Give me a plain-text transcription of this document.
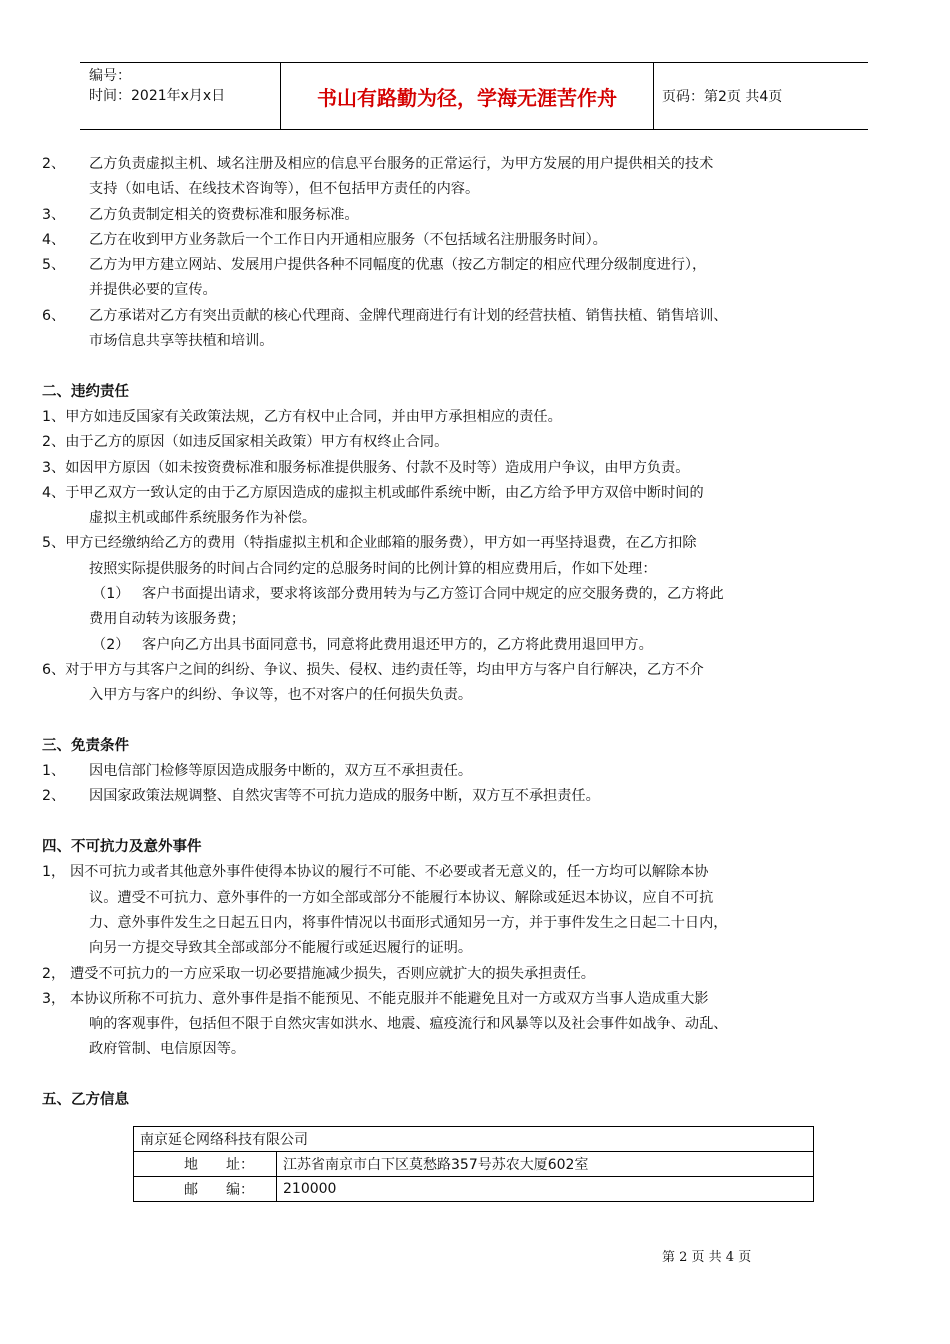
编号：
时间：2021年x月x日	书山有路勤为径，学海无涯苦作舟	页码：第2页 共4页
2、 乙方负责虚拟主机、域名注册及相应的信息平台服务的正常运行，为甲方发展的用户提供相关的技术
支持（如电话、在线技术咨询等），但不包括甲方责任的内容。
3、 乙方负责制定相关的资费标准和服务标准。
4、 乙方在收到甲方业务款后一个工作日内开通相应服务（不包括域名注册服务时间）。
5、 乙方为甲方建立网站、发展用户提供各种不同幅度的优惠（按乙方制定的相应代理分级制度进行），
并提供必要的宣传。
6、 乙方承诺对乙方有突出贡献的核心代理商、金牌代理商进行有计划的经营扶植、销售扶植、销售培训、
市场信息共享等扶植和培训。
二、违约责任
1、甲方如违反国家有关政策法规，乙方有权中止合同，并由甲方承担相应的责任。
2、由于乙方的原因（如违反国家相关政策）甲方有权终止合同。
3、如因甲方原因（如未按资费标准和服务标准提供服务、付款不及时等）造成用户争议，由甲方负责。
4、于甲乙双方一致认定的由于乙方原因造成的虚拟主机或邮件系统中断，由乙方给予甲方双倍中断时间的
虚拟主机或邮件系统服务作为补偿。
5、甲方已经缴纳给乙方的费用（特指虚拟主机和企业邮箱的服务费），甲方如一再坚持退费，在乙方扣除
按照实际提供服务的时间占合同约定的总服务时间的比例计算的相应费用后，作如下处理：
（1） 客户书面提出请求，要求将该部分费用转为与乙方签订合同中规定的应交服务费的，乙方将此
费用自动转为该服务费；
（2） 客户向乙方出具书面同意书，同意将此费用退还甲方的，乙方将此费用退回甲方。
6、对于甲方与其客户之间的纠纷、争议、损失、侵权、违约责任等，均由甲方与客户自行解决，乙方不介
入甲方与客户的纠纷、争议等，也不对客户的任何损失负责。
三、免责条件
1、 因电信部门检修等原因造成服务中断的，双方互不承担责任。
2、 因国家政策法规调整、自然灾害等不可抗力造成的服务中断，双方互不承担责任。
四、不可抗力及意外事件
1， 因不可抗力或者其他意外事件使得本协议的履行不可能、不必要或者无意义的，任一方均可以解除本协
议。遭受不可抗力、意外事件的一方如全部或部分不能履行本协议、解除或延迟本协议，应自不可抗
力、意外事件发生之日起五日内，将事件情况以书面形式通知另一方，并于事件发生之日起二十日内，
向另一方提交导致其全部或部分不能履行或延迟履行的证明。
2， 遭受不可抗力的一方应采取一切必要措施减少损失，否则应就扩大的损失承担责任。
3， 本协议所称不可抗力、意外事件是指不能预见、不能克服并不能避免且对一方或双方当事人造成重大影
响的客观事件，包括但不限于自然灾害如洪水、地震、瘟疫流行和风暴等以及社会事件如战争、动乱、
政府管制、电信原因等。
五、乙方信息
南京延仑网络科技有限公司	
地　　址：	江苏省南京市白下区莫愁路357号苏农大厦602室
邮　　编：	210000
第 2 页 共 4 页
